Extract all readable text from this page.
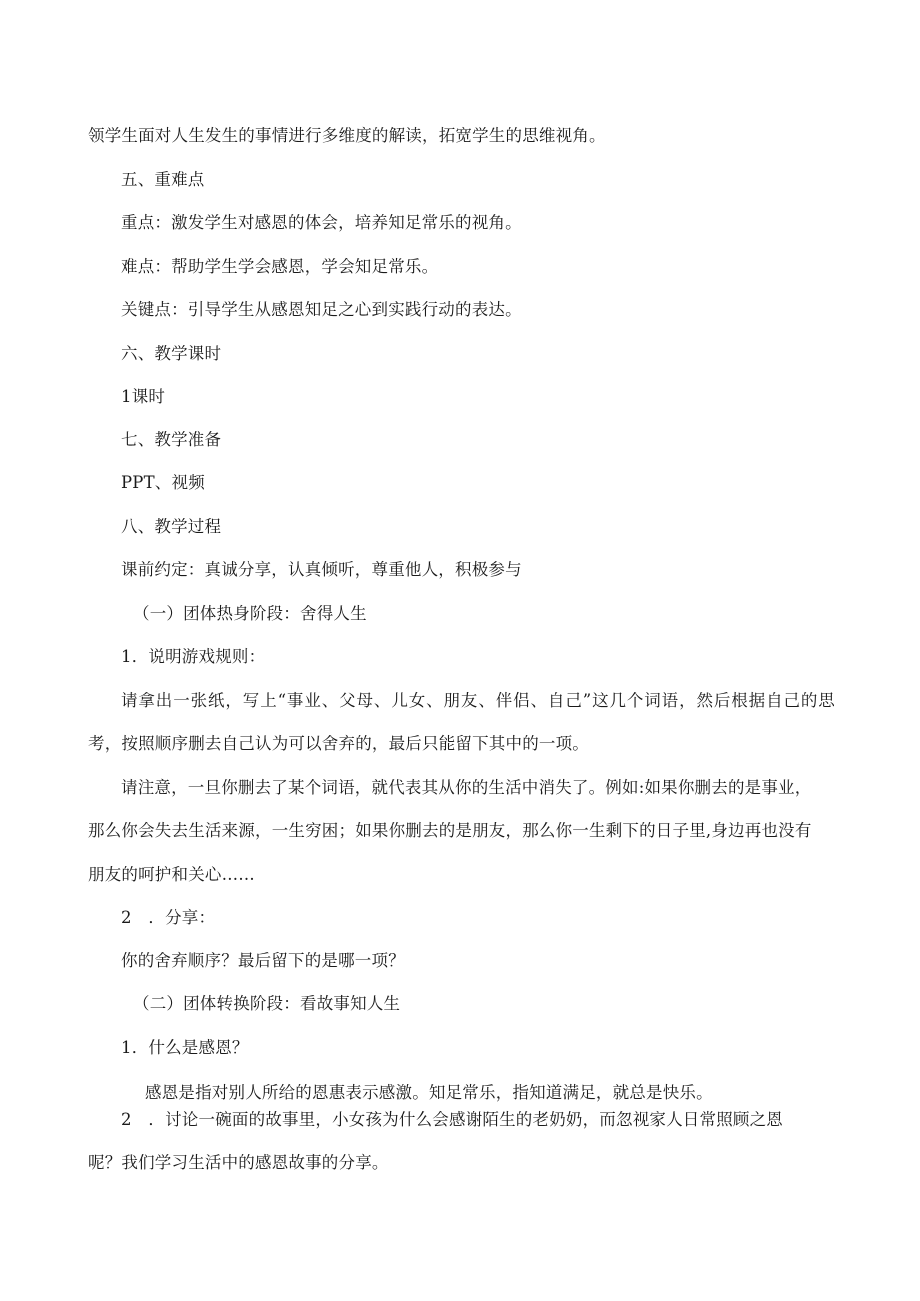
领学生面对人生发生的事情进行多维度的解读，拓宽学生的思维视角。
五、重难点
重点：激发学生对感恩的体会，培养知足常乐的视角。
难点：帮助学生学会感恩，学会知足常乐。
关键点：引导学生从感恩知足之心到实践行动的表达。
六、教学课时
1课时
七、教学准备
PPT、视频
八、教学过程
课前约定：真诚分享，认真倾听，尊重他人，积极参与
（一）团体热身阶段：舍得人生
1．说明游戏规则：
请拿出一张纸，写上“事业、父母、儿女、朋友、伴侣、自己”这几个词语，然后根据自己的思
考，按照顺序删去自己认为可以舍弃的，最后只能留下其中的一项。
请注意，一旦你删去了某个词语，就代表其从你的生活中消失了。例如:如果你删去的是事业，
那么你会失去生活来源，一生穷困；如果你删去的是朋友，那么你一生剩下的日子里,身边再也没有
朋友的呵护和关心……
2　．分享：
你的舍弃顺序？最后留下的是哪一项？
（二）团体转换阶段：看故事知人生
1．什么是感恩？
感恩是指对别人所给的恩惠表示感激。知足常乐，指知道满足，就总是快乐。
2　．讨论一碗面的故事里，小女孩为什么会感谢陌生的老奶奶，而忽视家人日常照顾之恩
呢？我们学习生活中的感恩故事的分享。
